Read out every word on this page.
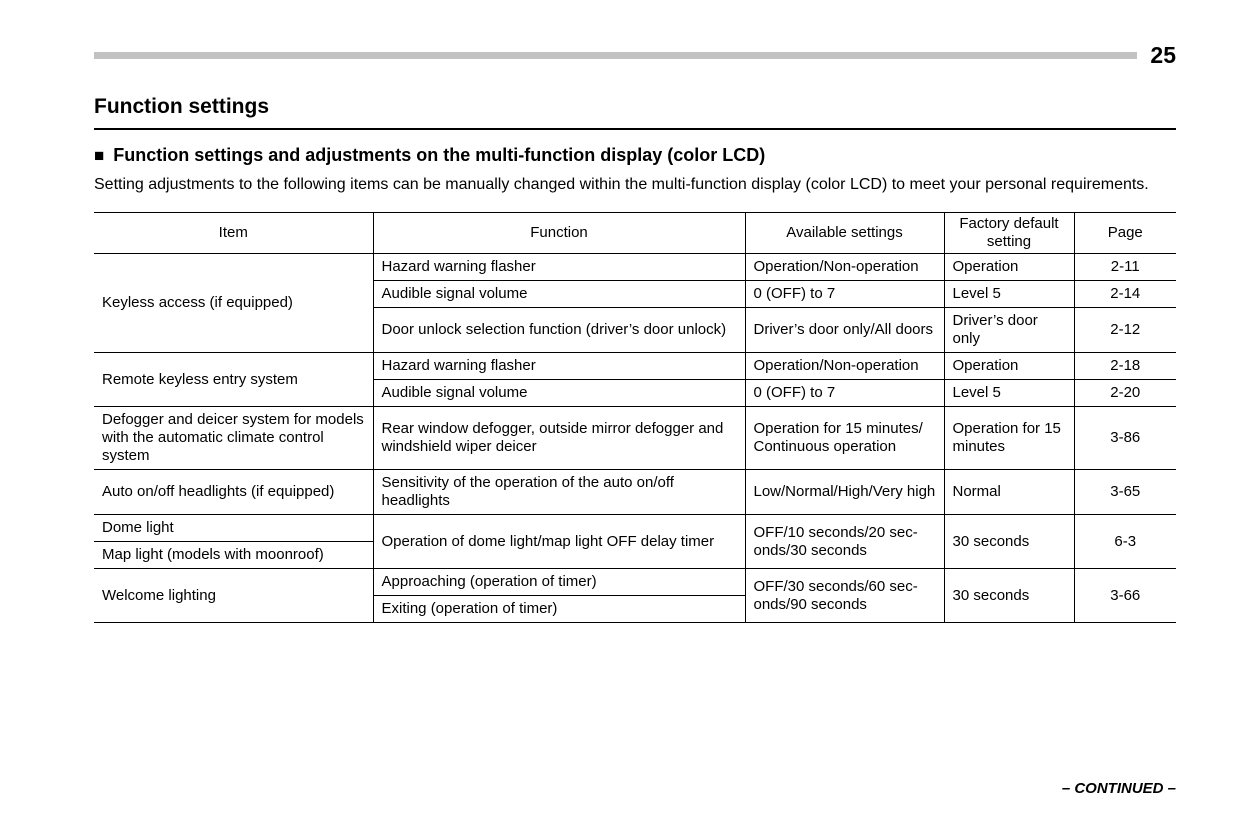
25
Function settings
■ Function settings and adjustments on the multi-function display (color LCD)

Setting adjustments to the following items can be manually changed within the multi-function display (color LCD) to meet your personal requirements.

Item	Function	Available settings	Factory default setting	Page
Keyless access (if equipped)	Hazard warning flasher	Operation/Non-operation	Operation	2-11
	Audible signal volume	0 (OFF) to 7	Level 5	2-14
	Door unlock selection function (driver’s door unlock)	Driver’s door only/All doors	Driver’s door only	2-12
Remote keyless entry system	Hazard warning flasher	Operation/Non-operation	Operation	2-18
	Audible signal volume	0 (OFF) to 7	Level 5	2-20
Defogger and deicer system for models with the automatic climate control system	Rear window defogger, outside mirror defogger and windshield wiper deicer	Operation for 15 minutes/ Continuous operation	Operation for 15 minutes	3-86
Auto on/off headlights (if equipped)	Sensitivity of the operation of the auto on/off headlights	Low/Normal/High/Very high	Normal	3-65
Dome light	Operation of dome light/map light OFF delay timer	OFF/10 seconds/20 seconds/30 seconds	30 seconds	6-3
Map light (models with moonroof)				
Welcome lighting	Approaching (operation of timer)	OFF/30 seconds/60 seconds/90 seconds	30 seconds	3-66
	Exiting (operation of timer)			
– CONTINUED –
